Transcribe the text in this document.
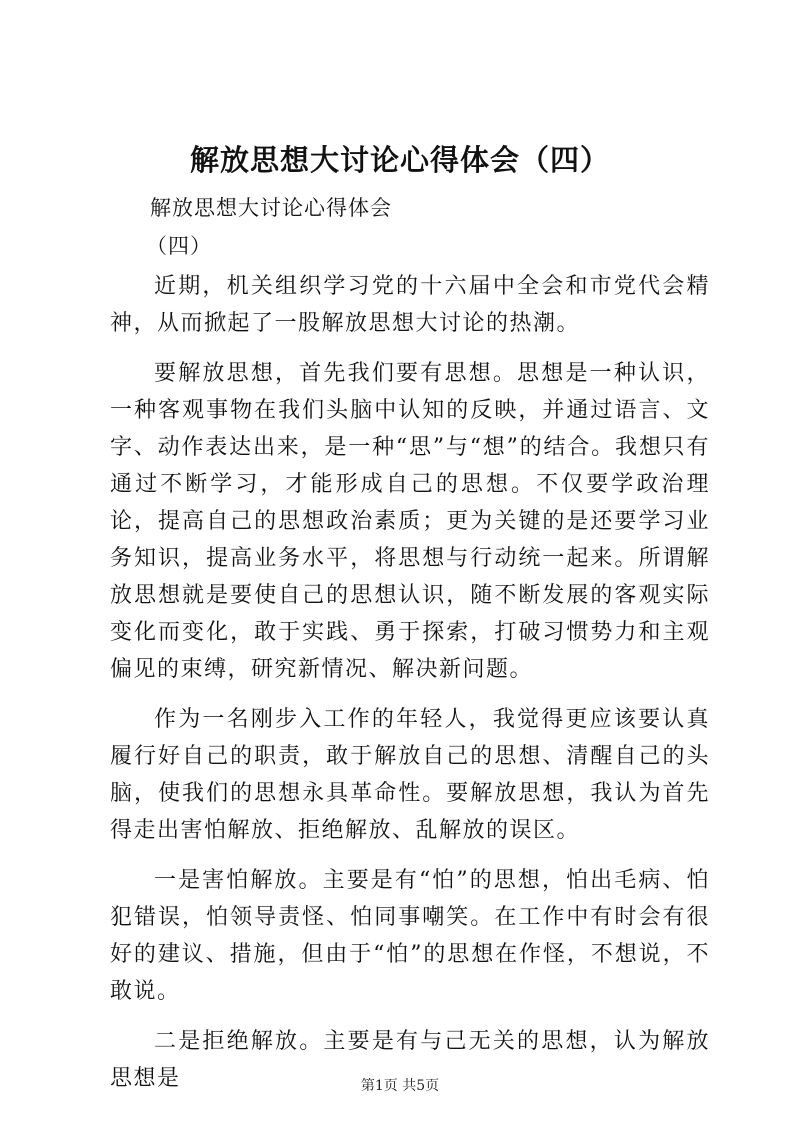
解放思想大讨论心得体会（四）
解放思想大讨论心得体会
（四）

近期，机关组织学习党的十六届中全会和市党代会精神，从而掀起了一股解放思想大讨论的热潮。

要解放思想，首先我们要有思想。思想是一种认识，一种客观事物在我们头脑中认知的反映，并通过语言、文字、动作表达出来，是一种“思”与“想”的结合。我想只有通过不断学习，才能形成自己的思想。不仅要学政治理论，提高自己的思想政治素质；更为关键的是还要学习业务知识，提高业务水平，将思想与行动统一起来。所谓解放思想就是要使自己的思想认识，随不断发展的客观实际变化而变化，敢于实践、勇于探索，打破习惯势力和主观偏见的束缚，研究新情况、解决新问题。

作为一名刚步入工作的年轻人，我觉得更应该要认真履行好自己的职责，敢于解放自己的思想、清醒自己的头脑，使我们的思想永具革命性。要解放思想，我认为首先得走出害怕解放、拒绝解放、乱解放的误区。

一是害怕解放。主要是有“怕”的思想，怕出毛病、怕犯错误，怕领导责怪、怕同事嘲笑。在工作中有时会有很好的建议、措施，但由于“怕”的思想在作怪，不想说，不敢说。

二是拒绝解放。主要是有与己无关的思想，认为解放思想是	第1页 共5页
